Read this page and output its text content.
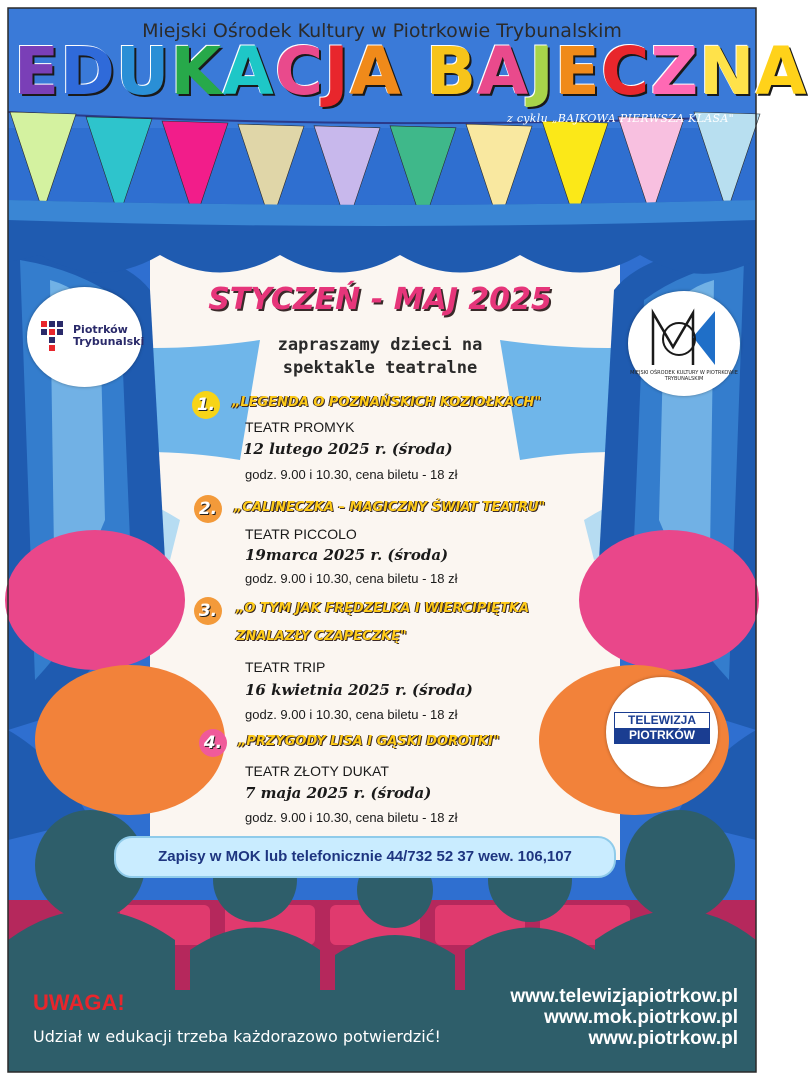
Miejski Ośrodek Kultury w Piotrkowie Trybunalskim
EDUKACJA BAJECZNA
z cyklu „BAJKOWA PIERWSZA KLASA"
Piotrków
Trybunalski
MIEJSKI OŚRODEK KULTURY W PIOTRKOWIE TRYBUNALSKIM
TELEWIZJA
PIOTRKÓW
STYCZEŃ - MAJ 2025
zapraszamy dzieci na
spektakle teatralne
1.	„LEGENDA O POZNAŃSKICH KOZIOŁKACH"
TEATR PROMYK
12 lutego 2025 r. (środa)
godz. 9.00 i 10.30, cena biletu - 18 zł
2.	„CALINECZKA – MAGICZNY ŚWIAT TEATRU"
TEATR PICCOLO
19marca 2025 r. (środa)
godz. 9.00 i 10.30, cena biletu - 18 zł
3.	„O TYM JAK FRĘDZELKA I WIERCIPIĘTKA
ZNALAZŁY CZAPECZKĘ"
TEATR TRIP
16 kwietnia 2025 r. (środa)
godz. 9.00 i 10.30, cena biletu - 18 zł
4.	„PRZYGODY LISA I GĄSKI DOROTKI"
TEATR ZŁOTY DUKAT
7 maja 2025 r. (środa)
godz. 9.00 i 10.30, cena biletu - 18 zł
Zapisy w MOK lub telefonicznie 44/732 52 37 wew. 106,107
UWAGA!
Udział w edukacji trzeba każdorazowo potwierdzić!
www.telewizjapiotrkow.pl
www.mok.piotrkow.pl
www.piotrkow.pl
